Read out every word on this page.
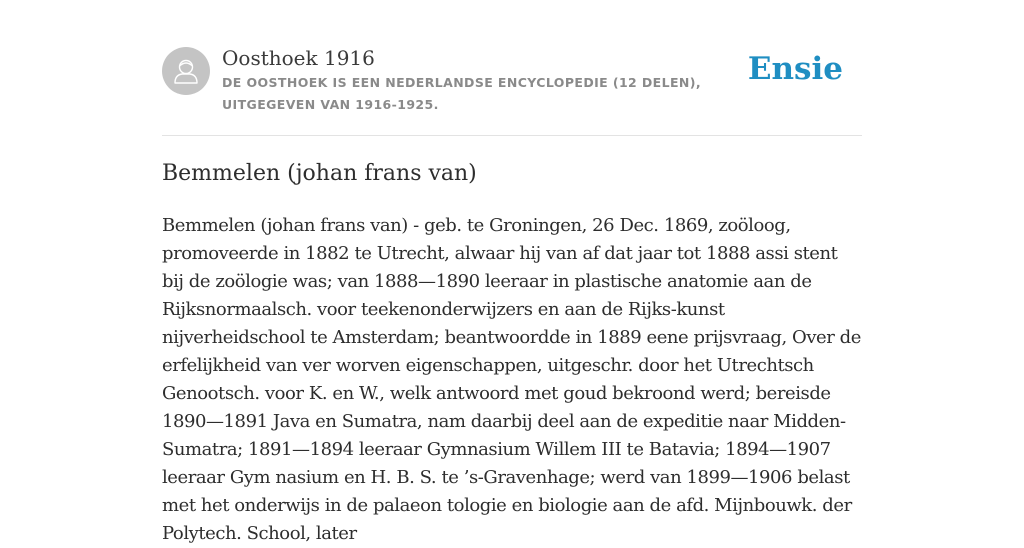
Oosthoek 1916
DE OOSTHOEK IS EEN NEDERLANDSE ENCYCLOPEDIE (12 DELEN), UITGEGEVEN VAN 1916-1925.
Ensie
Bemmelen (johan frans van)

Bemmelen (johan frans van) - geb. te Groningen, 26 Dec. 1869, zoöloog, promoveerde in 1882 te Utrecht, alwaar hij van af dat jaar tot 1888 assi stent bij de zoölogie was; van 1888—1890 leeraar in plastische anatomie aan de Rijksnormaalsch. voor teekenonderwijzers en aan de Rijks-kunst nijverheidschool te Amsterdam; beantwoordde in 1889 eene prijsvraag, Over de erfelijkheid van ver worven eigenschappen, uitgeschr. door het Utrechtsch Genootsch. voor K. en W., welk antwoord met goud bekroond werd; bereisde 1890—1891 Java en Sumatra, nam daarbij deel aan de expeditie naar Midden-Sumatra; 1891—1894 leeraar Gymnasium Willem III te Batavia; 1894—1907 leeraar Gym nasium en H. B. S. te ’s-Gravenhage; werd van 1899—1906 belast met het onderwijs in de palaeon tologie en biologie aan de afd. Mijnbouwk. der Polytech. School, later
